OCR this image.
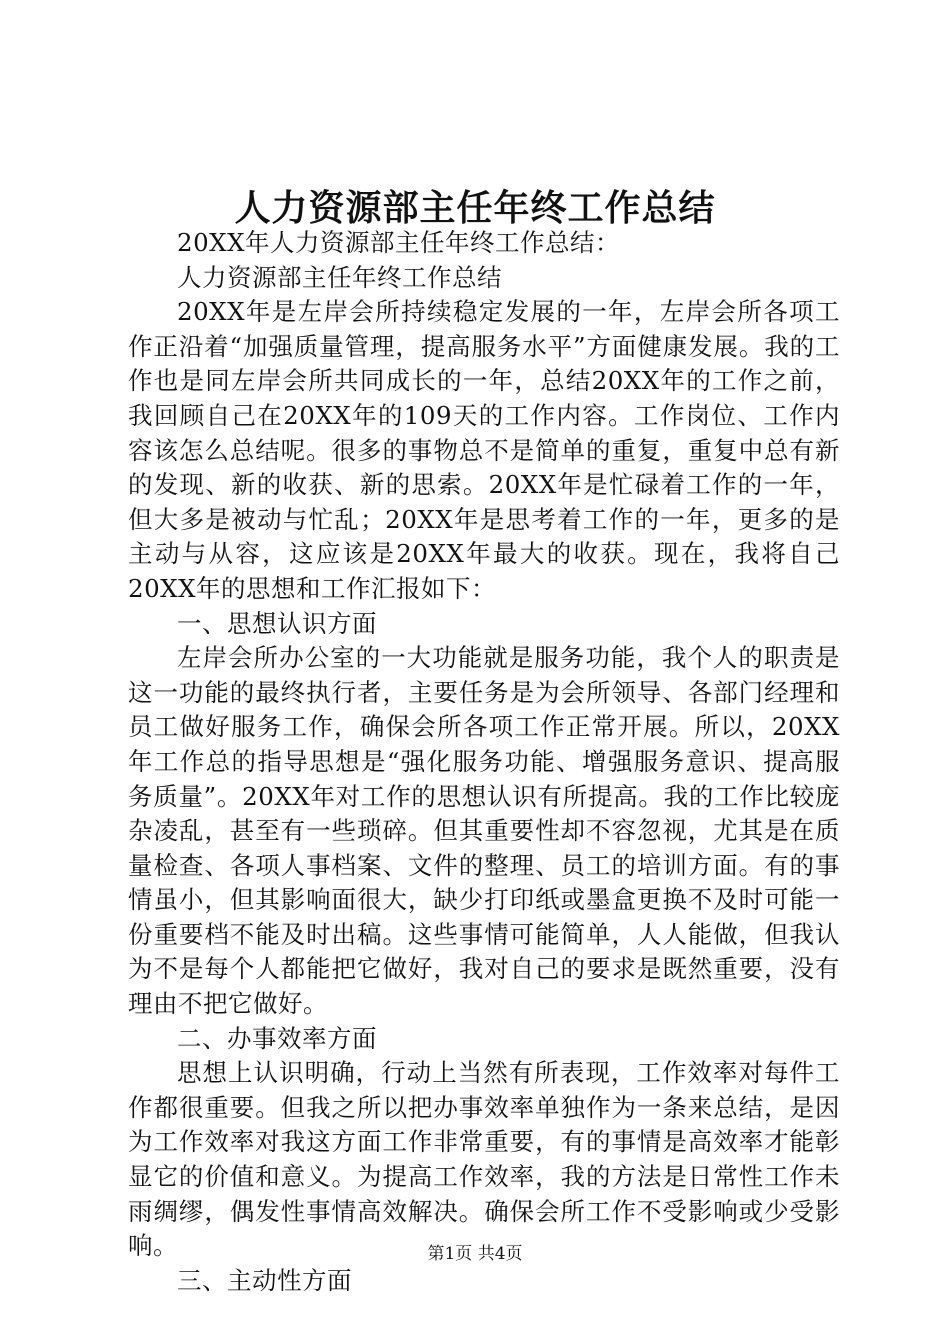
人力资源部主任年终工作总结

20XX年人力资源部主任年终工作总结：

人力资源部主任年终工作总结

20XX年是左岸会所持续稳定发展的一年，左岸会所各项工作正沿着“加强质量管理，提高服务水平”方面健康发展。我的工作也是同左岸会所共同成长的一年，总结20XX年的工作之前，我回顾自己在20XX年的109天的工作内容。工作岗位、工作内容该怎么总结呢。很多的事物总不是简单的重复，重复中总有新的发现、新的收获、新的思索。20XX年是忙碌着工作的一年，但大多是被动与忙乱；20XX年是思考着工作的一年，更多的是主动与从容，这应该是20XX年最大的收获。现在，我将自己20XX年的思想和工作汇报如下：

一、思想认识方面

左岸会所办公室的一大功能就是服务功能，我个人的职责是这一功能的最终执行者，主要任务是为会所领导、各部门经理和员工做好服务工作，确保会所各项工作正常开展。所以，20XX年工作总的指导思想是“强化服务功能、增强服务意识、提高服务质量”。20XX年对工作的思想认识有所提高。我的工作比较庞杂凌乱，甚至有一些琐碎。但其重要性却不容忽视，尤其是在质量检查、各项人事档案、文件的整理、员工的培训方面。有的事情虽小，但其影响面很大，缺少打印纸或墨盒更换不及时可能一份重要档不能及时出稿。这些事情可能简单，人人能做，但我认为不是每个人都能把它做好，我对自己的要求是既然重要，没有理由不把它做好。

二、办事效率方面

思想上认识明确，行动上当然有所表现，工作效率对每件工作都很重要。但我之所以把办事效率单独作为一条来总结，是因为工作效率对我这方面工作非常重要，有的事情是高效率才能彰显它的价值和意义。为提高工作效率，我的方法是日常性工作未雨绸缪，偶发性事情高效解决。确保会所工作不受影响或少受影响。

三、主动性方面

第1页 共4页
